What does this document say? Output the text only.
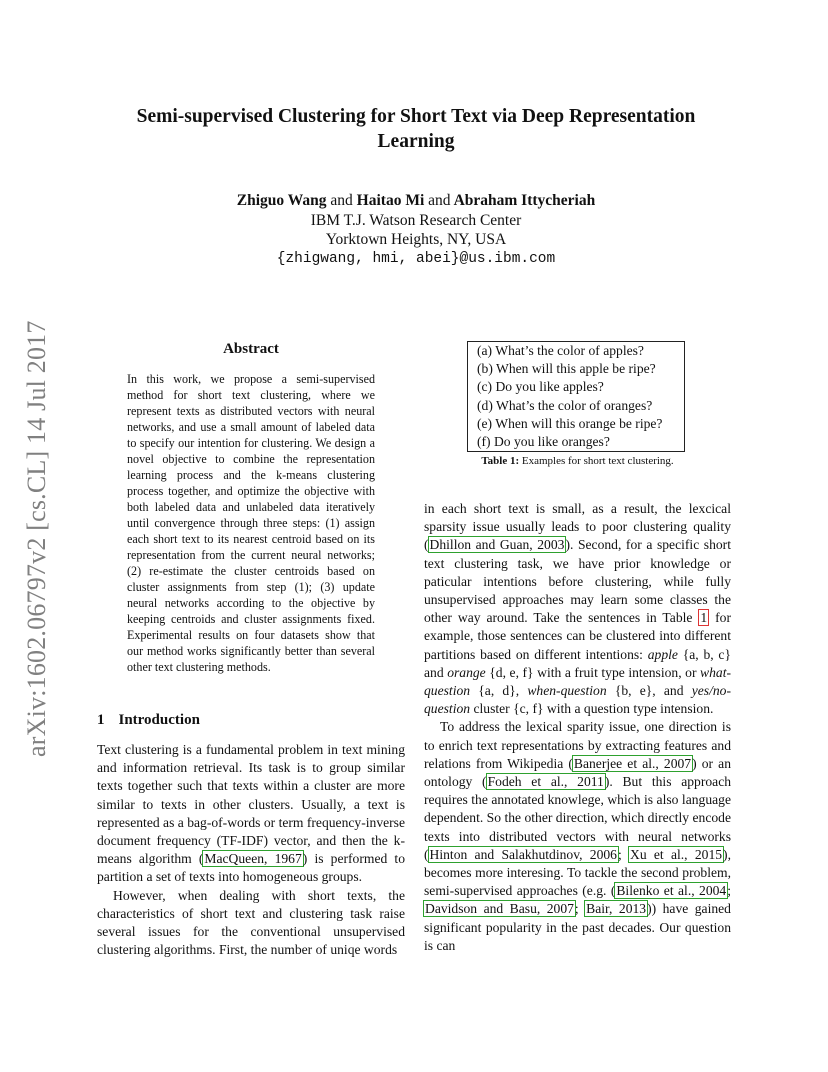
arXiv:1602.06797v2 [cs.CL] 14 Jul 2017
Semi-supervised Clustering for Short Text via Deep Representation Learning
Zhiguo Wang and Haitao Mi and Abraham Ittycheriah
IBM T.J. Watson Research Center
Yorktown Heights, NY, USA
{zhigwang, hmi, abei}@us.ibm.com
Abstract
In this work, we propose a semi-supervised method for short text clustering, where we represent texts as distributed vectors with neural networks, and use a small amount of labeled data to specify our intention for clustering. We design a novel objective to combine the representation learning process and the k-means clustering process together, and optimize the objective with both labeled data and unlabeled data iteratively until convergence through three steps: (1) assign each short text to its nearest centroid based on its representation from the current neural networks; (2) re-estimate the cluster centroids based on cluster assignments from step (1); (3) update neural networks according to the objective by keeping centroids and cluster assignments fixed. Experimental results on four datasets show that our method works significantly better than several other text clustering methods.
1 Introduction

Text clustering is a fundamental problem in text mining and information retrieval. Its task is to group similar texts together such that texts within a cluster are more similar to texts in other clusters. Usually, a text is represented as a bag-of-words or term frequency-inverse document frequency (TF-IDF) vector, and then the k-means algorithm (MacQueen, 1967) is performed to partition a set of texts into homogeneous groups.

However, when dealing with short texts, the characteristics of short text and clustering task raise several issues for the conventional unsupervised clustering algorithms. First, the number of uniqe words

(a) What’s the color of apples?
(b) When will this apple be ripe?
(c) Do you like apples?
(d) What’s the color of oranges?
(e) When will this orange be ripe?
(f) Do you like oranges?
Table 1: Examples for short text clustering.

in each short text is small, as a result, the lexcical sparsity issue usually leads to poor clustering quality (Dhillon and Guan, 2003). Second, for a specific short text clustering task, we have prior knowledge or paticular intentions before clustering, while fully unsupervised approaches may learn some classes the other way around. Take the sentences in Table 1 for example, those sentences can be clustered into different partitions based on different intentions: apple {a, b, c} and orange {d, e, f} with a fruit type intension, or what-question {a, d}, when-question {b, e}, and yes/no-question cluster {c, f} with a question type intension.

To address the lexical sparity issue, one direction is to enrich text representations by extracting features and relations from Wikipedia (Banerjee et al., 2007) or an ontology (Fodeh et al., 2011). But this approach requires the annotated knowlege, which is also language dependent. So the other direction, which directly encode texts into distributed vectors with neural networks (Hinton and Salakhutdinov, 2006; Xu et al., 2015), becomes more interesing. To tackle the second problem, semi-supervised approaches (e.g. (Bilenko et al., 2004; Davidson and Basu, 2007; Bair, 2013)) have gained significant popularity in the past decades. Our question is can
